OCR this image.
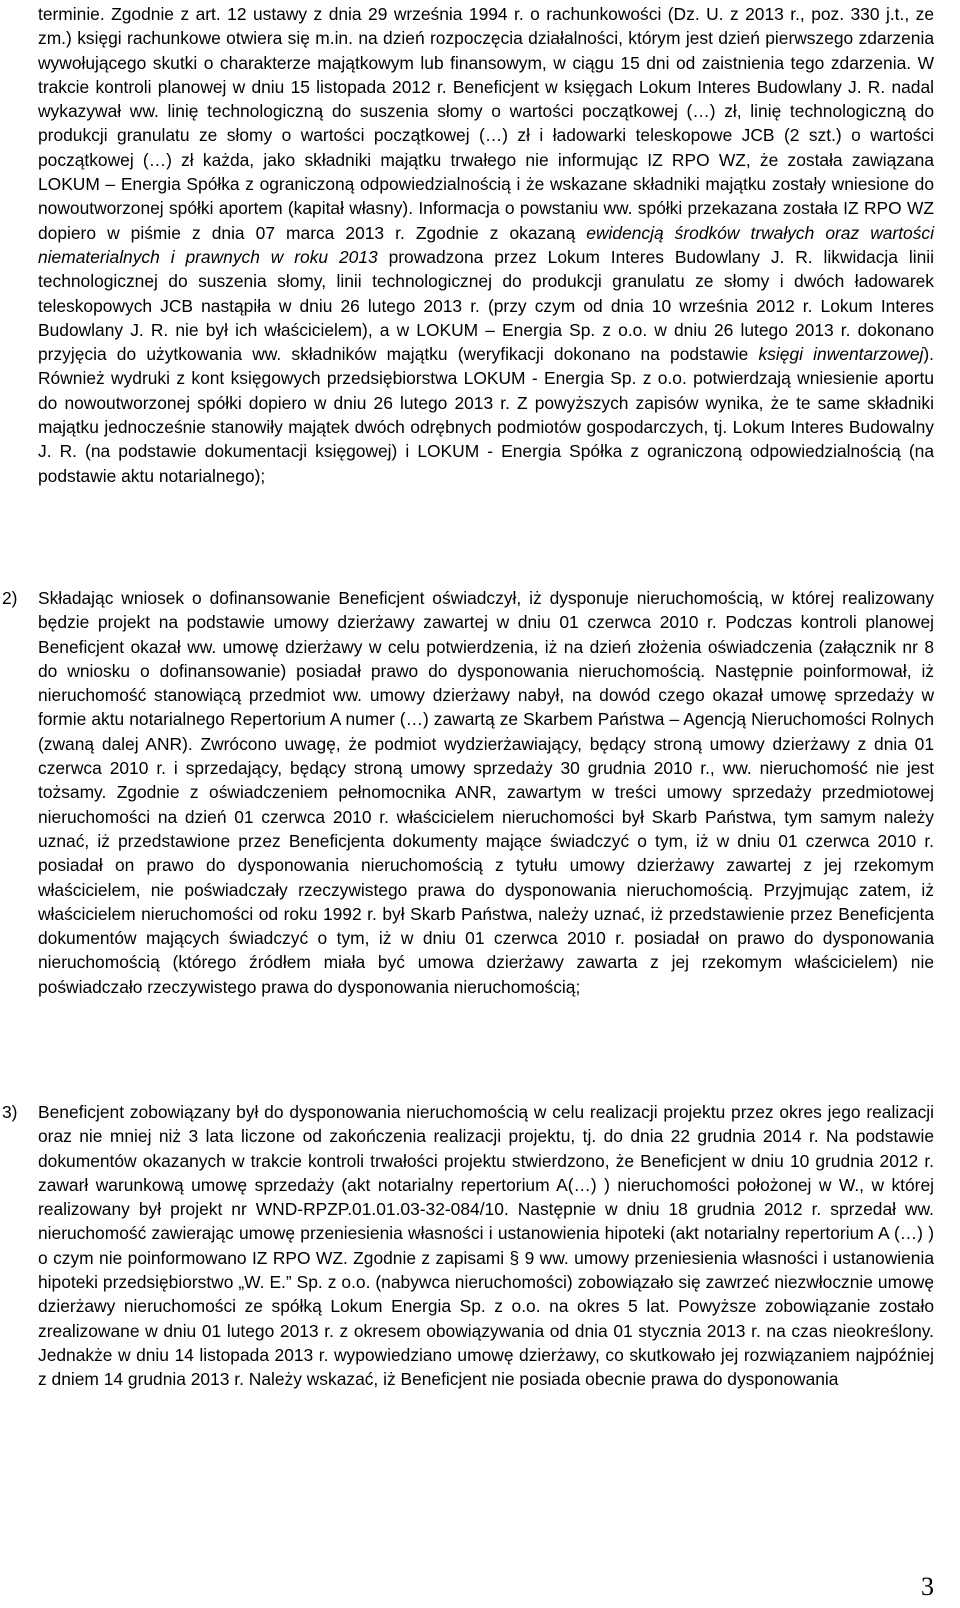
terminie. Zgodnie z art. 12 ustawy z dnia 29 września 1994 r. o rachunkowości (Dz. U. z 2013 r., poz. 330 j.t., ze zm.) księgi rachunkowe otwiera się m.in. na dzień rozpoczęcia działalności, którym jest dzień pierwszego zdarzenia wywołującego skutki o charakterze majątkowym lub finansowym, w ciągu 15 dni od zaistnienia tego zdarzenia. W trakcie kontroli planowej w dniu 15 listopada 2012 r. Beneficjent w księgach Lokum Interes Budowlany J. R. nadal wykazywał ww. linię technologiczną do suszenia słomy o wartości początkowej (…) zł, linię technologiczną do produkcji granulatu ze słomy o wartości początkowej (…) zł i ładowarki teleskopowe JCB (2 szt.) o wartości początkowej (…) zł każda, jako składniki majątku trwałego nie informując IZ RPO WZ, że została zawiązana LOKUM – Energia Spółka z ograniczoną odpowiedzialnością i że wskazane składniki majątku zostały wniesione do nowoutworzonej spółki aportem (kapitał własny). Informacja o powstaniu ww. spółki przekazana została IZ RPO WZ dopiero w piśmie z dnia 07 marca 2013 r. Zgodnie z okazaną ewidencją środków trwałych oraz wartości niematerialnych i prawnych w roku 2013 prowadzona przez Lokum Interes Budowlany J. R. likwidacja linii technologicznej do suszenia słomy, linii technologicznej do produkcji granulatu ze słomy i dwóch ładowarek teleskopowych JCB nastąpiła w dniu 26 lutego 2013 r. (przy czym od dnia 10 września 2012 r. Lokum Interes Budowlany J. R. nie był ich właścicielem), a w LOKUM – Energia Sp. z o.o. w dniu 26 lutego 2013 r. dokonano przyjęcia do użytkowania ww. składników majątku (weryfikacji dokonano na podstawie księgi inwentarzowej). Również wydruki z kont księgowych przedsiębiorstwa LOKUM - Energia Sp. z o.o. potwierdzają wniesienie aportu do nowoutworzonej spółki dopiero w dniu 26 lutego 2013 r. Z powyższych zapisów wynika, że te same składniki majątku jednocześnie stanowiły majątek dwóch odrębnych podmiotów gospodarczych, tj. Lokum Interes Budowalny J. R. (na podstawie dokumentacji księgowej) i LOKUM - Energia Spółka z ograniczoną odpowiedzialnością (na podstawie aktu notarialnego);

2) Składając wniosek o dofinansowanie Beneficjent oświadczył, iż dysponuje nieruchomością, w której realizowany będzie projekt na podstawie umowy dzierżawy zawartej w dniu 01 czerwca 2010 r. Podczas kontroli planowej Beneficjent okazał ww. umowę dzierżawy w celu potwierdzenia, iż na dzień złożenia oświadczenia (załącznik nr 8 do wniosku o dofinansowanie) posiadał prawo do dysponowania nieruchomością. Następnie poinformował, iż nieruchomość stanowiącą przedmiot ww. umowy dzierżawy nabył, na dowód czego okazał umowę sprzedaży w formie aktu notarialnego Repertorium A numer (…) zawartą ze Skarbem Państwa – Agencją Nieruchomości Rolnych (zwaną dalej ANR). Zwrócono uwagę, że podmiot wydzierżawiający, będący stroną umowy dzierżawy z dnia 01 czerwca 2010 r. i sprzedający, będący stroną umowy sprzedaży 30 grudnia 2010 r., ww. nieruchomość nie jest tożsamy. Zgodnie z oświadczeniem pełnomocnika ANR, zawartym w treści umowy sprzedaży przedmiotowej nieruchomości na dzień 01 czerwca 2010 r. właścicielem nieruchomości był Skarb Państwa, tym samym należy uznać, iż przedstawione przez Beneficjenta dokumenty mające świadczyć o tym, iż w dniu 01 czerwca 2010 r. posiadał on prawo do dysponowania nieruchomością z tytułu umowy dzierżawy zawartej z jej rzekomym właścicielem, nie poświadczały rzeczywistego prawa do dysponowania nieruchomością. Przyjmując zatem, iż właścicielem nieruchomości od roku 1992 r. był Skarb Państwa, należy uznać, iż przedstawienie przez Beneficjenta dokumentów mających świadczyć o tym, iż w dniu 01 czerwca 2010 r. posiadał on prawo do dysponowania nieruchomością (którego źródłem miała być umowa dzierżawy zawarta z jej rzekomym właścicielem) nie poświadczało rzeczywistego prawa do dysponowania nieruchomością;

3) Beneficjent zobowiązany był do dysponowania nieruchomością w celu realizacji projektu przez okres jego realizacji oraz nie mniej niż 3 lata liczone od zakończenia realizacji projektu, tj. do dnia 22 grudnia 2014 r. Na podstawie dokumentów okazanych w trakcie kontroli trwałości projektu stwierdzono, że Beneficjent w dniu 10 grudnia 2012 r. zawarł warunkową umowę sprzedaży (akt notarialny repertorium A(…) ) nieruchomości położonej w W., w której realizowany był projekt nr WND-RPZP.01.01.03-32-084/10. Następnie w dniu 18 grudnia 2012 r. sprzedał ww. nieruchomość zawierając umowę przeniesienia własności i ustanowienia hipoteki (akt notarialny repertorium A (…) ) o czym nie poinformowano IZ RPO WZ. Zgodnie z zapisami § 9 ww. umowy przeniesienia własności i ustanowienia hipoteki przedsiębiorstwo „W. E.” Sp. z o.o. (nabywca nieruchomości) zobowiązało się zawrzeć niezwłocznie umowę dzierżawy nieruchomości ze spółką Lokum Energia Sp. z o.o. na okres 5 lat. Powyższe zobowiązanie zostało zrealizowane w dniu 01 lutego 2013 r. z okresem obowiązywania od dnia 01 stycznia 2013 r. na czas nieokreślony. Jednakże w dniu 14 listopada 2013 r. wypowiedziano umowę dzierżawy, co skutkowało jej rozwiązaniem najpóźniej z dniem 14 grudnia 2013 r. Należy wskazać, iż Beneficjent nie posiada obecnie prawa do dysponowania

3
